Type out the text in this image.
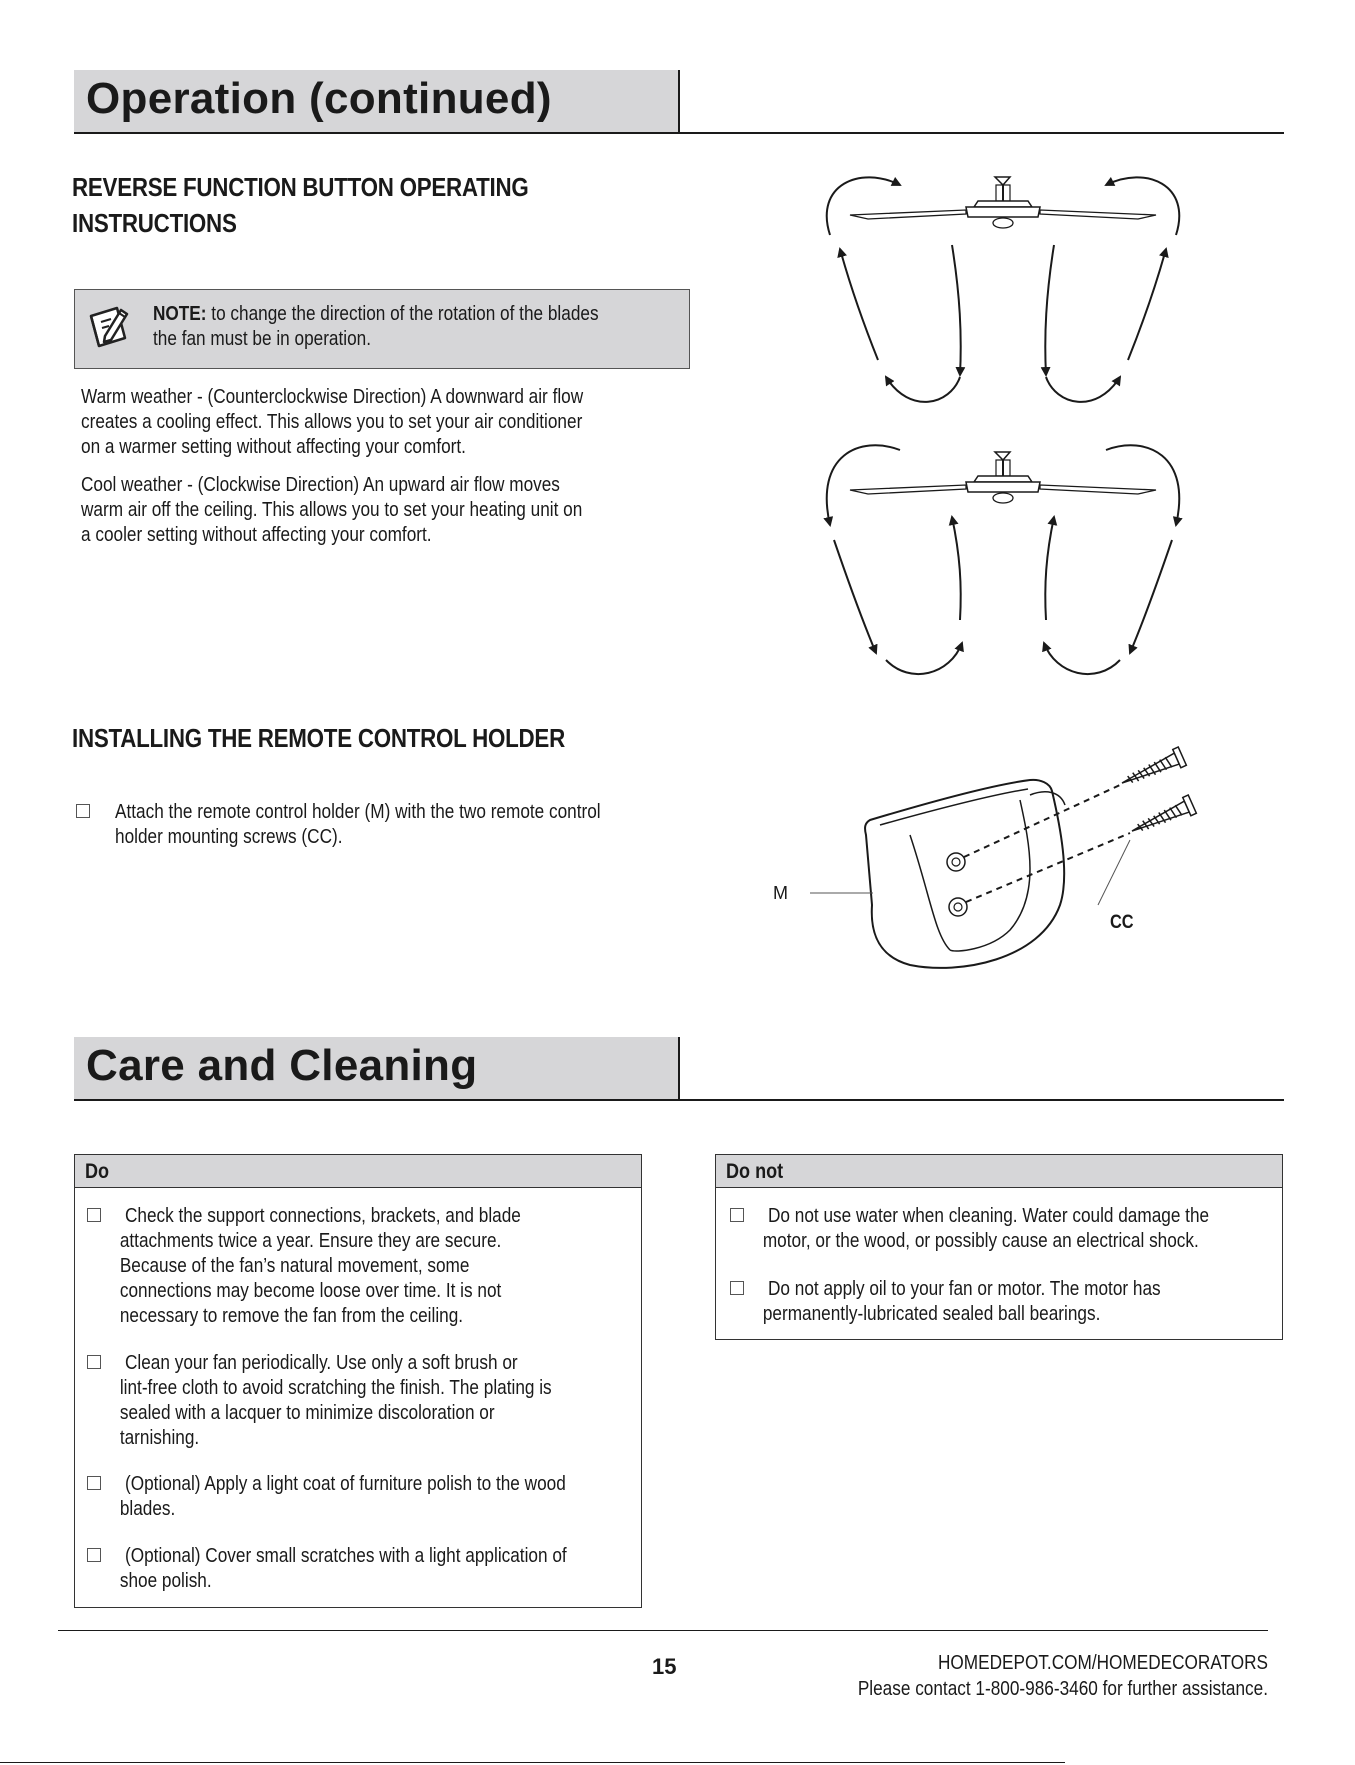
Operation (continued)
REVERSE FUNCTION BUTTON OPERATING
INSTRUCTIONS
NOTE: to change the direction of the rotation of the blades
the fan must be in operation.
Warm weather - (Counterclockwise Direction) A downward air flow
creates a cooling effect. This allows you to set your air conditioner
on a warmer setting without affecting your comfort.
Cool weather - (Clockwise Direction) An upward air flow moves
warm air off the ceiling. This allows you to set your heating unit on
a cooler setting without affecting your comfort.
INSTALLING THE REMOTE CONTROL HOLDER
Attach the remote control holder (M) with the two remote control
holder mounting screws (CC).
M
CC
Care and Cleaning
Do
Check the support connections, brackets, and blade
attachments twice a year. Ensure they are secure.
Because of the fan’s natural movement, some
connections may become loose over time. It is not
necessary to remove the fan from the ceiling.
Clean your fan periodically. Use only a soft brush or
lint-free cloth to avoid scratching the finish. The plating is
sealed with a lacquer to minimize discoloration or
tarnishing.
(Optional) Apply a light coat of furniture polish to the wood
blades.
(Optional) Cover small scratches with a light application of
shoe polish.
Do not
Do not use water when cleaning. Water could damage the
motor, or the wood, or possibly cause an electrical shock.
Do not apply oil to your fan or motor. The motor has
permanently-lubricated sealed ball bearings.
15	HOMEDEPOT.COM/HOMEDECORATORS
Please contact 1-800-986-3460 for further assistance.
